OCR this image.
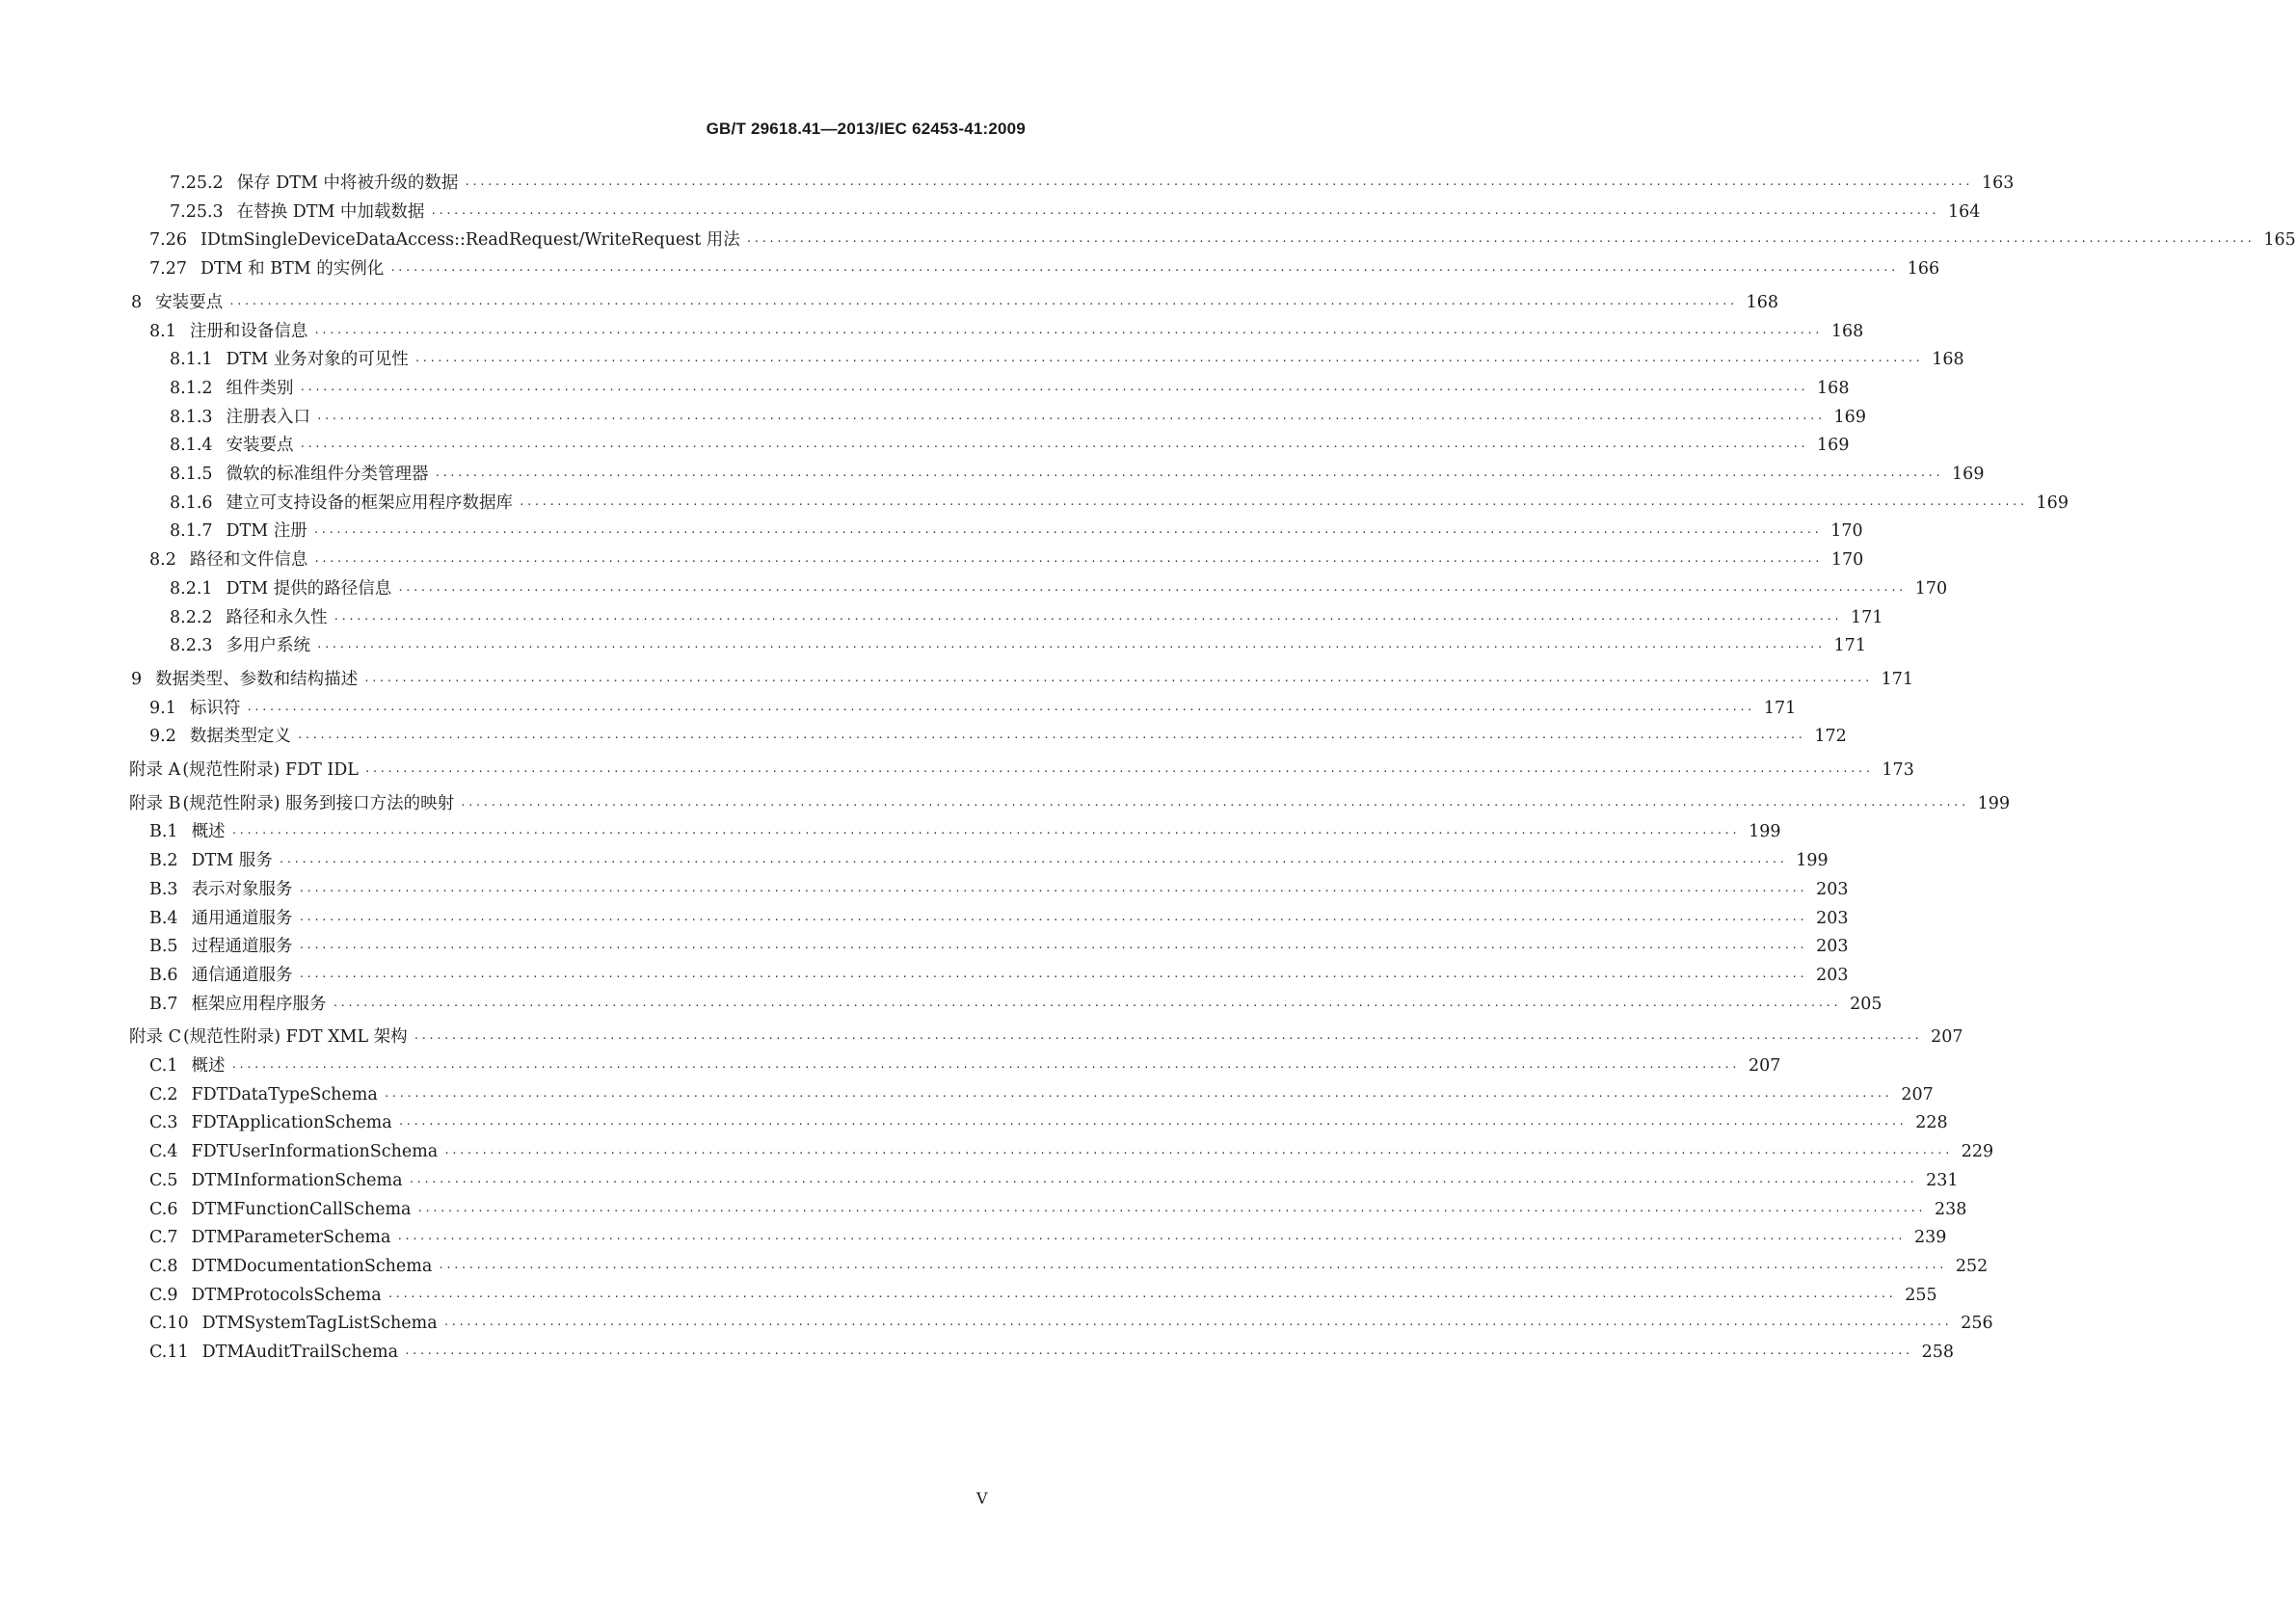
GB/T 29618.41—2013/IEC 62453-41:2009
7.25.2 保存 DTM 中将被升级的数据 ········································································································································································································ 163
7.25.3 在替换 DTM 中加载数据 ········································································································································································································ 164
7.26 IDtmSingleDeviceDataAccess::ReadRequest/WriteRequest 用法 ········································································································································································································ 165
7.27 DTM 和 BTM 的实例化 ········································································································································································································ 166
8 安装要点 ········································································································································································································ 168
8.1 注册和设备信息 ········································································································································································································ 168
8.1.1 DTM 业务对象的可见性 ········································································································································································································ 168
8.1.2 组件类别 ········································································································································································································ 168
8.1.3 注册表入口 ········································································································································································································ 169
8.1.4 安装要点 ········································································································································································································ 169
8.1.5 微软的标准组件分类管理器 ········································································································································································································ 169
8.1.6 建立可支持设备的框架应用程序数据库 ········································································································································································································ 169
8.1.7 DTM 注册 ········································································································································································································ 170
8.2 路径和文件信息 ········································································································································································································ 170
8.2.1 DTM 提供的路径信息 ········································································································································································································ 170
8.2.2 路径和永久性 ········································································································································································································ 171
8.2.3 多用户系统 ········································································································································································································ 171
9 数据类型、参数和结构描述 ········································································································································································································ 171
9.1 标识符 ········································································································································································································ 171
9.2 数据类型定义 ········································································································································································································ 172
附录 A (规范性附录) FDT IDL ········································································································································································································ 173
附录 B (规范性附录) 服务到接口方法的映射 ········································································································································································································ 199
B.1 概述 ········································································································································································································ 199
B.2 DTM 服务 ········································································································································································································ 199
B.3 表示对象服务 ········································································································································································································ 203
B.4 通用通道服务 ········································································································································································································ 203
B.5 过程通道服务 ········································································································································································································ 203
B.6 通信通道服务 ········································································································································································································ 203
B.7 框架应用程序服务 ········································································································································································································ 205
附录 C (规范性附录) FDT XML 架构 ········································································································································································································ 207
C.1 概述 ········································································································································································································ 207
C.2 FDTDataTypeSchema ········································································································································································································ 207
C.3 FDTApplicationSchema ········································································································································································································ 228
C.4 FDTUserInformationSchema ········································································································································································································ 229
C.5 DTMInformationSchema ········································································································································································································ 231
C.6 DTMFunctionCallSchema ········································································································································································································ 238
C.7 DTMParameterSchema ········································································································································································································ 239
C.8 DTMDocumentationSchema ········································································································································································································ 252
C.9 DTMProtocolsSchema ········································································································································································································ 255
C.10 DTMSystemTagListSchema ········································································································································································································ 256
C.11 DTMAuditTrailSchema ········································································································································································································ 258
V
